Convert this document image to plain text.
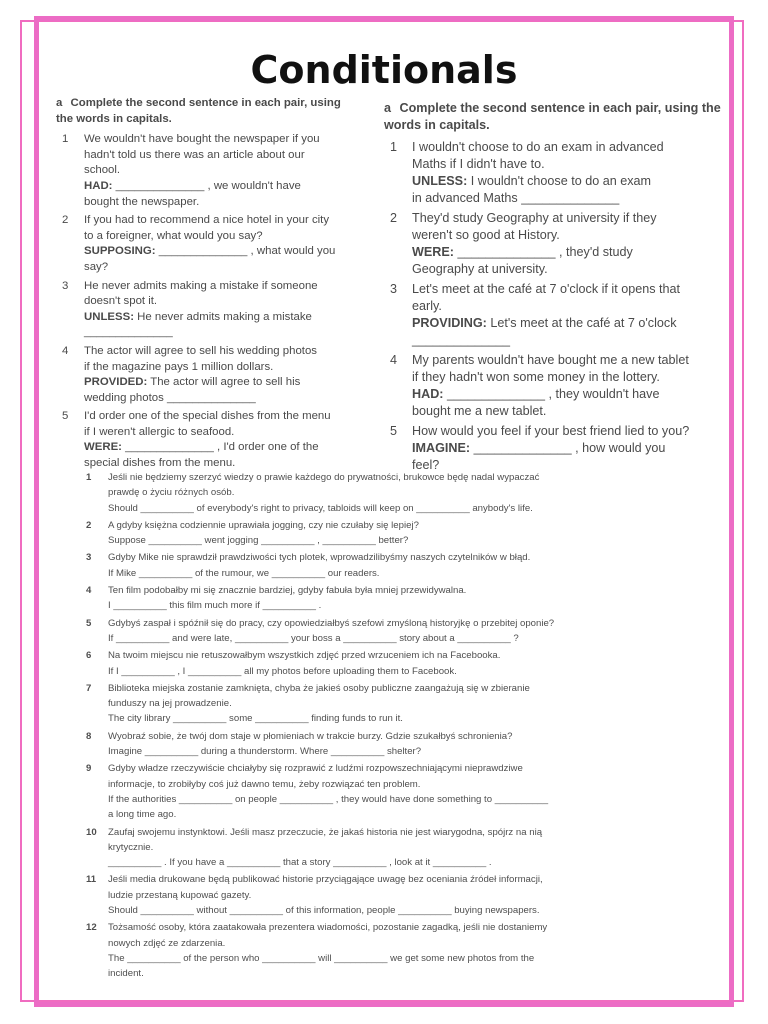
Conditionals
a Complete the second sentence in each pair, using the words in capitals.
1	We wouldn't have bought the newspaper if you
hadn't told us there was an article about our
school.
HAD: ______________ , we wouldn't have
bought the newspaper.
2	If you had to recommend a nice hotel in your city
to a foreigner, what would you say?
SUPPOSING: ______________ , what would you
say?
3	He never admits making a mistake if someone
doesn't spot it.
UNLESS: He never admits making a mistake
______________
4	The actor will agree to sell his wedding photos
if the magazine pays 1 million dollars.
PROVIDED: The actor will agree to sell his
wedding photos ______________
5	I'd order one of the special dishes from the menu
if I weren't allergic to seafood.
WERE: ______________ , I'd order one of the
special dishes from the menu.
a Complete the second sentence in each pair, using the words in capitals.
1	I wouldn't choose to do an exam in advanced
Maths if I didn't have to.
UNLESS: I wouldn't choose to do an exam
in advanced Maths ______________
2	They'd study Geography at university if they
weren't so good at History.
WERE: ______________ , they'd study
Geography at university.
3	Let's meet at the café at 7 o'clock if it opens that
early.
PROVIDING: Let's meet at the café at 7 o'clock
______________
4	My parents wouldn't have bought me a new tablet
if they hadn't won some money in the lottery.
HAD: ______________ , they wouldn't have
bought me a new tablet.
5	How would you feel if your best friend lied to you?
IMAGINE: ______________ , how would you
feel?
1	Jeśli nie będziemy szerzyć wiedzy o prawie każdego do prywatności, brukowce będę nadal wypaczać
prawdę o życiu różnych osób.
Should __________ of everybody's right to privacy, tabloids will keep on __________ anybody's life.
2	A gdyby księżna codziennie uprawiała jogging, czy nie czułaby się lepiej?
Suppose __________ went jogging __________ , __________ better?
3	Gdyby Mike nie sprawdził prawdziwości tych plotek, wprowadzilibyśmy naszych czytelników w błąd.
If Mike __________ of the rumour, we __________ our readers.
4	Ten film podobałby mi się znacznie bardziej, gdyby fabuła była mniej przewidywalna.
I __________ this film much more if __________ .
5	Gdybyś zaspał i spóźnił się do pracy, czy opowiedziałbyś szefowi zmyśloną historyjkę o przebitej oponie?
If __________ and were late, __________ your boss a __________ story about a __________ ?
6	Na twoim miejscu nie retuszowałbym wszystkich zdjęć przed wrzuceniem ich na Facebooka.
If I __________ , I __________ all my photos before uploading them to Facebook.
7	Biblioteka miejska zostanie zamknięta, chyba że jakieś osoby publiczne zaangażują się w zbieranie
funduszy na jej prowadzenie.
The city library __________ some __________ finding funds to run it.
8	Wyobraź sobie, że twój dom staje w płomieniach w trakcie burzy. Gdzie szukałbyś schronienia?
Imagine __________ during a thunderstorm. Where __________ shelter?
9	Gdyby władze rzeczywiście chciałyby się rozprawić z ludźmi rozpowszechniającymi nieprawdziwe
informacje, to zrobiłyby coś już dawno temu, żeby rozwiązać ten problem.
If the authorities __________ on people __________ , they would have done something to __________
a long time ago.
10	Zaufaj swojemu instynktowi. Jeśli masz przeczucie, że jakaś historia nie jest wiarygodna, spójrz na nią
krytycznie.
__________ . If you have a __________ that a story __________ , look at it __________ .
11	Jeśli media drukowane będą publikować historie przyciągające uwagę bez oceniania źródeł informacji,
ludzie przestaną kupować gazety.
Should __________ without __________ of this information, people __________ buying newspapers.
12	Tożsamość osoby, która zaatakowała prezentera wiadomości, pozostanie zagadką, jeśli nie dostaniemy
nowych zdjęć ze zdarzenia.
The __________ of the person who __________ will __________ we get some new photos from the
incident.
